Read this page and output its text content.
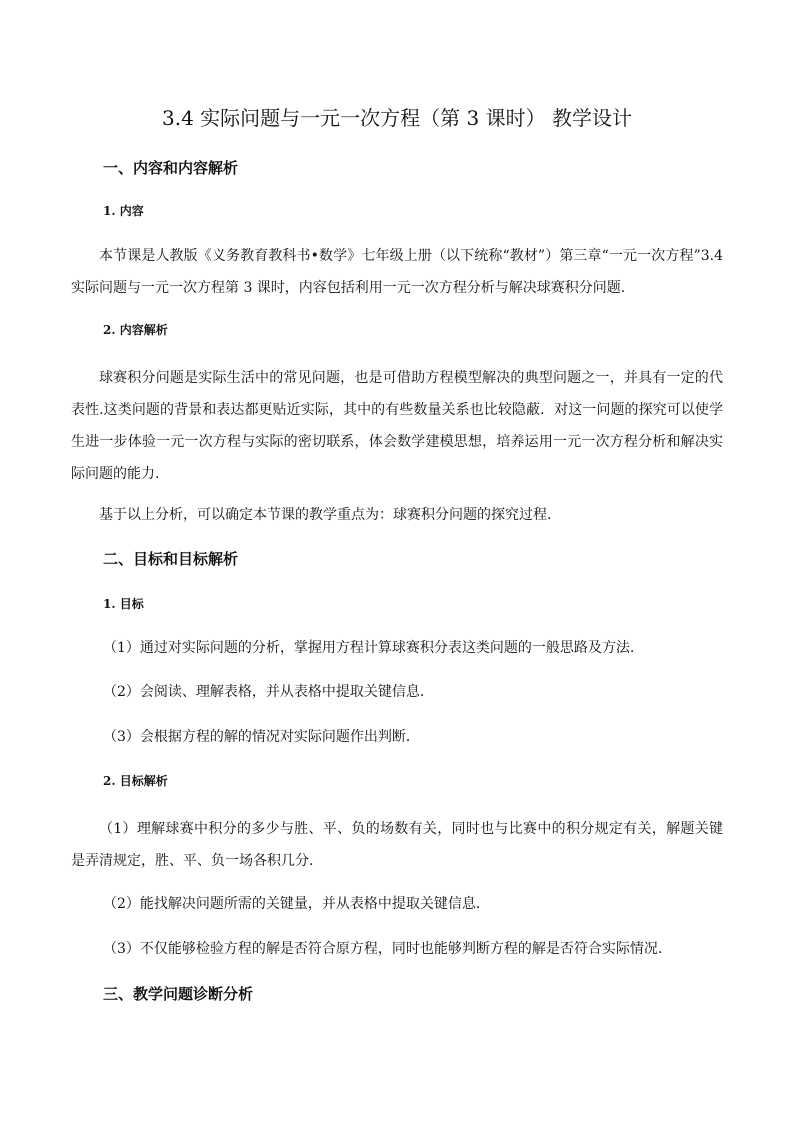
3.4 实际问题与一元一次方程（第 3 课时） 教学设计
一、内容和内容解析
1. 内容
本节课是人教版《义务教育教科书•数学》七年级上册（以下统称“教材”）第三章“一元一次方程”3.4 实际问题与一元一次方程第 3 课时，内容包括利用一元一次方程分析与解决球赛积分问题.
2. 内容解析
球赛积分问题是实际生活中的常见问题，也是可借助方程模型解决的典型问题之一，并具有一定的代表性.这类问题的背景和表达都更贴近实际，其中的有些数量关系也比较隐蔽．对这一问题的探究可以使学生进一步体验一元一次方程与实际的密切联系，体会数学建模思想，培养运用一元一次方程分析和解决实际问题的能力.
基于以上分析，可以确定本节课的教学重点为：球赛积分问题的探究过程．
二、目标和目标解析
1. 目标
（1）通过对实际问题的分析，掌握用方程计算球赛积分表这类问题的一般思路及方法.
（2）会阅读、理解表格，并从表格中提取关键信息.
（3）会根据方程的解的情况对实际问题作出判断．
2. 目标解析
（1）理解球赛中积分的多少与胜、平、负的场数有关，同时也与比赛中的积分规定有关，解题关键是弄清规定，胜、平、负一场各积几分.
（2）能找解决问题所需的关键量，并从表格中提取关键信息．
（3）不仅能够检验方程的解是否符合原方程，同时也能够判断方程的解是否符合实际情况．
三、教学问题诊断分析
